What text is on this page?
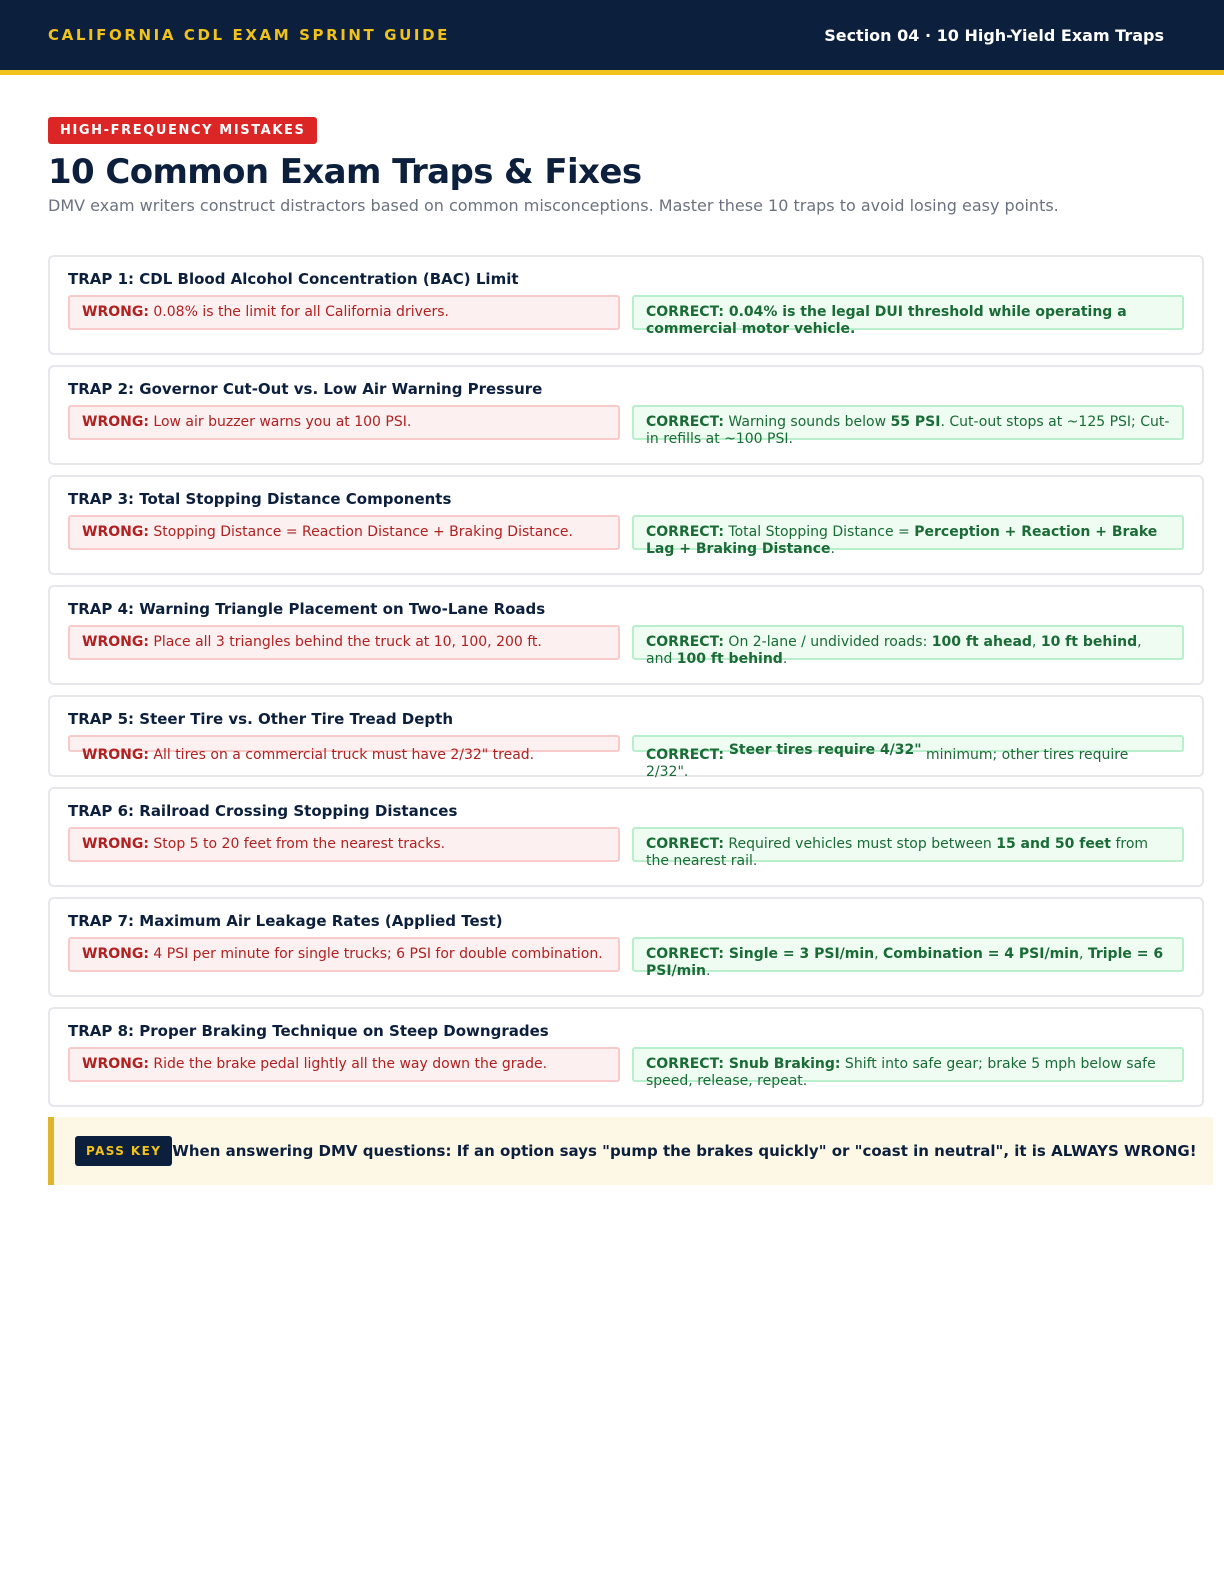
CALIFORNIA CDL EXAM SPRINT GUIDE	Section 04 · 10 High-Yield Exam Traps
HIGH-FREQUENCY MISTAKES
10 Common Exam Traps & Fixes
DMV exam writers construct distractors based on common misconceptions. Master these 10 traps to avoid losing easy points.
TRAP 1: CDL Blood Alcohol Concentration (BAC) Limit
WRONG: 0.08% is the limit for all California drivers.	CORRECT: 0.04% is the legal DUI threshold while operating a commercial motor vehicle.
TRAP 2: Governor Cut-Out vs. Low Air Warning Pressure
WRONG: Low air buzzer warns you at 100 PSI.	CORRECT: Warning sounds below 55 PSI. Cut-out stops at ~125 PSI; Cut-in refills at ~100 PSI.
TRAP 3: Total Stopping Distance Components
WRONG: Stopping Distance = Reaction Distance + Braking Distance.	CORRECT: Total Stopping Distance = Perception + Reaction + Brake Lag + Braking Distance.
TRAP 4: Warning Triangle Placement on Two-Lane Roads
WRONG: Place all 3 triangles behind the truck at 10, 100, 200 ft.	CORRECT: On 2-lane / undivided roads: 100 ft ahead, 10 ft behind, and 100 ft behind.
TRAP 5: Steer Tire vs. Other Tire Tread Depth
WRONG: All tires on a commercial truck must have 2/32" tread.	CORRECT: Steer tires require 4/32" minimum; other tires require 2/32".
TRAP 6: Railroad Crossing Stopping Distances
WRONG: Stop 5 to 20 feet from the nearest tracks.	CORRECT: Required vehicles must stop between 15 and 50 feet from the nearest rail.
TRAP 7: Maximum Air Leakage Rates (Applied Test)
WRONG: 4 PSI per minute for single trucks; 6 PSI for double combination.	CORRECT: Single = 3 PSI/min, Combination = 4 PSI/min, Triple = 6 PSI/min.
TRAP 8: Proper Braking Technique on Steep Downgrades
WRONG: Ride the brake pedal lightly all the way down the grade.	CORRECT: Snub Braking: Shift into safe gear; brake 5 mph below safe speed, release, repeat.
PASS KEY When answering DMV questions: If an option says "pump the brakes quickly" or "coast in neutral", it is ALWAYS WRONG!
